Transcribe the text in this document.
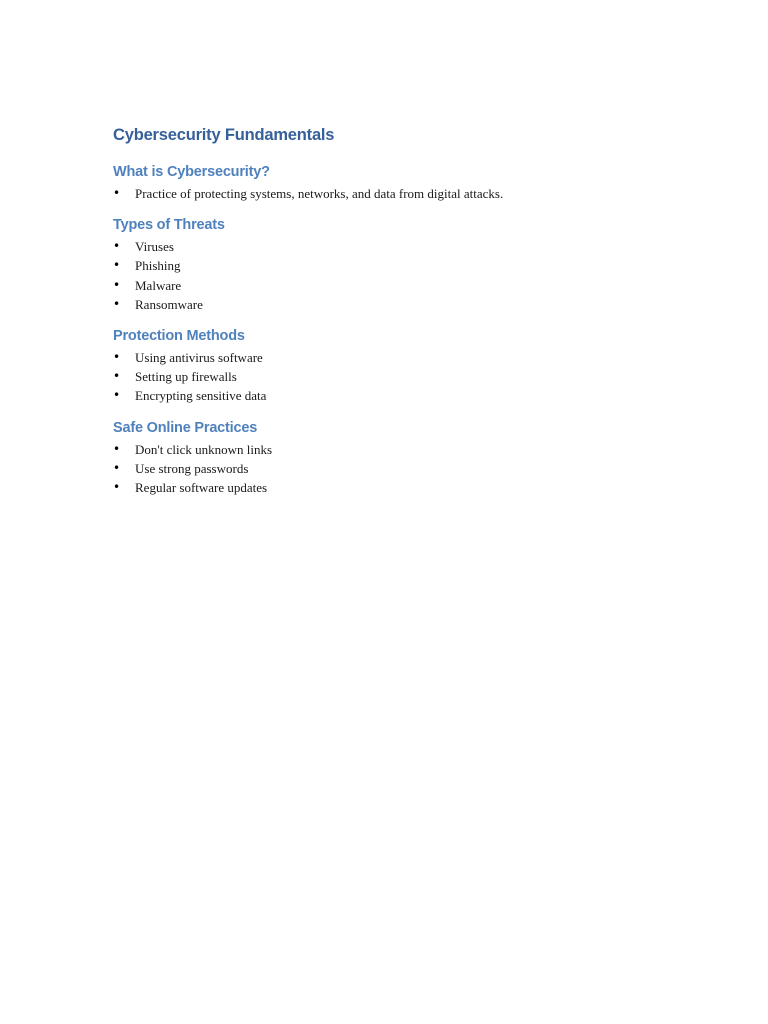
Cybersecurity Fundamentals
What is Cybersecurity?
• Practice of protecting systems, networks, and data from digital attacks.
Types of Threats
• Viruses
• Phishing
• Malware
• Ransomware
Protection Methods
• Using antivirus software
• Setting up firewalls
• Encrypting sensitive data
Safe Online Practices
• Don't click unknown links
• Use strong passwords
• Regular software updates
